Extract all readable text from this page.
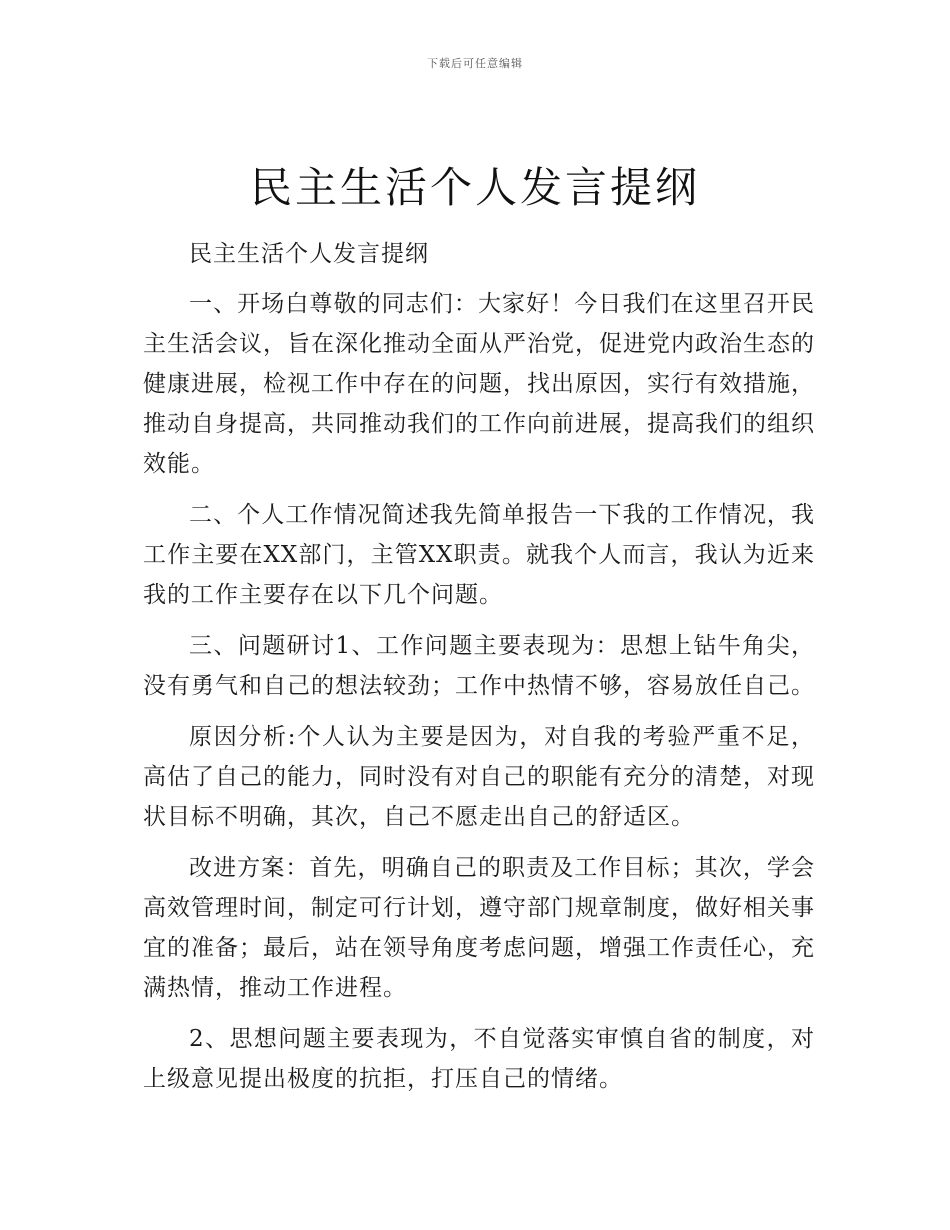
下载后可任意编辑
民主生活个人发言提纲

民主生活个人发言提纲

一、开场白尊敬的同志们：大家好！今日我们在这里召开民主生活会议，旨在深化推动全面从严治党，促进党内政治生态的健康进展，检视工作中存在的问题，找出原因，实行有效措施，推动自身提高，共同推动我们的工作向前进展，提高我们的组织效能。

二、个人工作情况简述我先简单报告一下我的工作情况，我工作主要在XX部门，主管XX职责。就我个人而言，我认为近来我的工作主要存在以下几个问题。

三、问题研讨1、工作问题主要表现为：思想上钻牛角尖，没有勇气和自己的想法较劲；工作中热情不够，容易放任自己。

原因分析:个人认为主要是因为，对自我的考验严重不足，高估了自己的能力，同时没有对自己的职能有充分的清楚，对现状目标不明确，其次，自己不愿走出自己的舒适区。

改进方案：首先，明确自己的职责及工作目标；其次，学会高效管理时间，制定可行计划，遵守部门规章制度，做好相关事宜的准备；最后，站在领导角度考虑问题，增强工作责任心，充满热情，推动工作进程。

2、思想问题主要表现为，不自觉落实审慎自省的制度，对上级意见提出极度的抗拒，打压自己的情绪。
